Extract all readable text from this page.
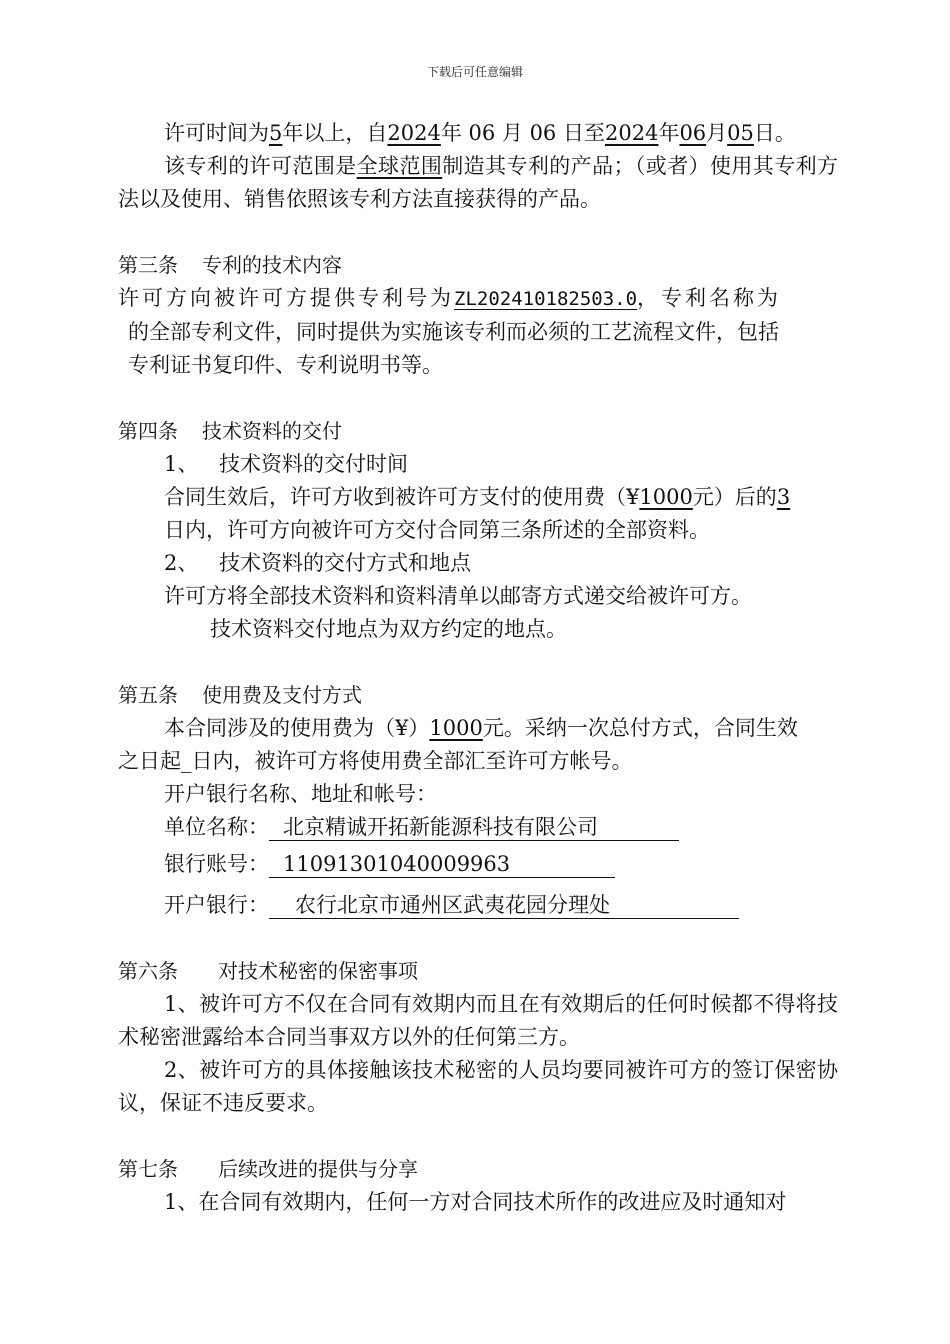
下载后可任意编辑

许可时间为5年以上，自2024年 06 月 06 日至2024年06月05日。

该专利的许可范围是全球范围制造其专利的产品；（或者）使用其专利方法以及使用、销售依照该专利方法直接获得的产品。

第三条 专利的技术内容

许可方向被许可方提供专利号为ZL202410182503.0，专利名称为

的全部专利文件，同时提供为实施该专利而必须的工艺流程文件，包括

专利证书复印件、专利说明书等。

第四条 技术资料的交付

1、 技术资料的交付时间

合同生效后，许可方收到被许可方支付的使用费（¥1000元）后的3

日内，许可方向被许可方交付合同第三条所述的全部资料。

2、 技术资料的交付方式和地点

许可方将全部技术资料和资料清单以邮寄方式递交给被许可方。

技术资料交付地点为双方约定的地点。

第五条 使用费及支付方式

本合同涉及的使用费为（¥）1000元。采纳一次总付方式，合同生效

之日起_日内，被许可方将使用费全部汇至许可方帐号。

开户银行名称、地址和帐号：

单位名称： 北京精诚开拓新能源科技有限公司

银行账号： 11091301040009963

开户银行： 农行北京市通州区武夷花园分理处

第六条 对技术秘密的保密事项

1、被许可方不仅在合同有效期内而且在有效期后的任何时候都不得将技术秘密泄露给本合同当事双方以外的任何第三方。

2、被许可方的具体接触该技术秘密的人员均要同被许可方的签订保密协议，保证不违反要求。

第七条 后续改进的提供与分享

1、在合同有效期内，任何一方对合同技术所作的改进应及时通知对
